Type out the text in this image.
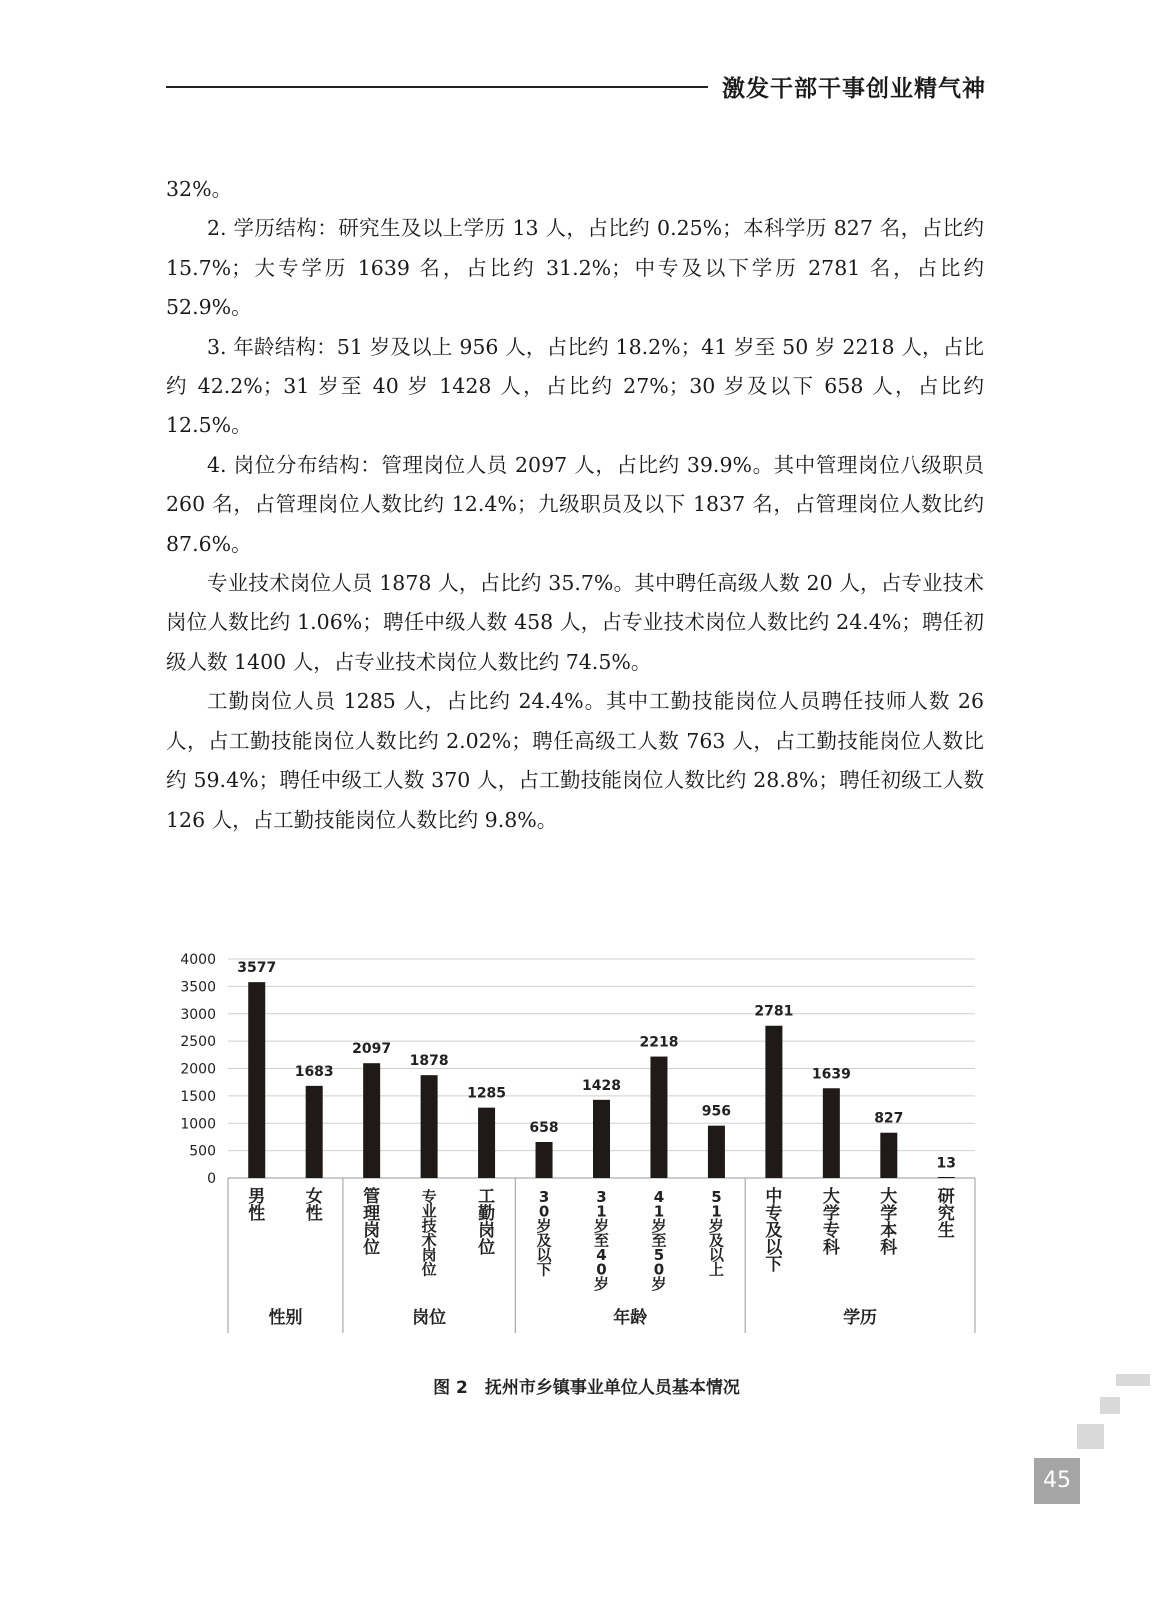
激发干部干事创业精气神

32%。

2. 学历结构：研究生及以上学历 13 人，占比约 0.25%；本科学历 827 名，占比约 15.7%；大专学历 1639 名，占比约 31.2%；中专及以下学历 2781 名，占比约 52.9%。

3. 年龄结构：51 岁及以上 956 人，占比约 18.2%；41 岁至 50 岁 2218 人，占比约 42.2%；31 岁至 40 岁 1428 人，占比约 27%；30 岁及以下 658 人，占比约 12.5%。

4. 岗位分布结构：管理岗位人员 2097 人，占比约 39.9%。其中管理岗位八级职员 260 名，占管理岗位人数比约 12.4%；九级职员及以下 1837 名，占管理岗位人数比约 87.6%。

专业技术岗位人员 1878 人，占比约 35.7%。其中聘任高级人数 20 人，占专业技术岗位人数比约 1.06%；聘任中级人数 458 人，占专业技术岗位人数比约 24.4%；聘任初级人数 1400 人，占专业技术岗位人数比约 74.5%。

工勤岗位人员 1285 人，占比约 24.4%。其中工勤技能岗位人员聘任技师人数 26 人，占工勤技能岗位人数比约 2.02%；聘任高级工人数 763 人，占工勤技能岗位人数比约 59.4%；聘任中级工人数 370 人，占工勤技能岗位人数比约 28.8%；聘任初级工人数 126 人，占工勤技能岗位人数比约 9.8%。

0
500
1000
1500
2000
2500
3000
3500
4000
3577
1683
2097
1878
1285
658
1428
2218
956
2781
1639
827
13
男
性
女
性
管
理
岗
位
专
业
技
术
岗
位
工
勤
岗
位
3
0
岁
及
以
下
3
1
岁
至
4
0
岁
4
1
岁
至
5
0
岁
5
1
岁
及
以
上
中
专
及
以
下
大
学
专
科
大
学
本
科
研
究
生
性别	岗位	年龄	学历
图 2　抚州市乡镇事业单位人员基本情况
45
